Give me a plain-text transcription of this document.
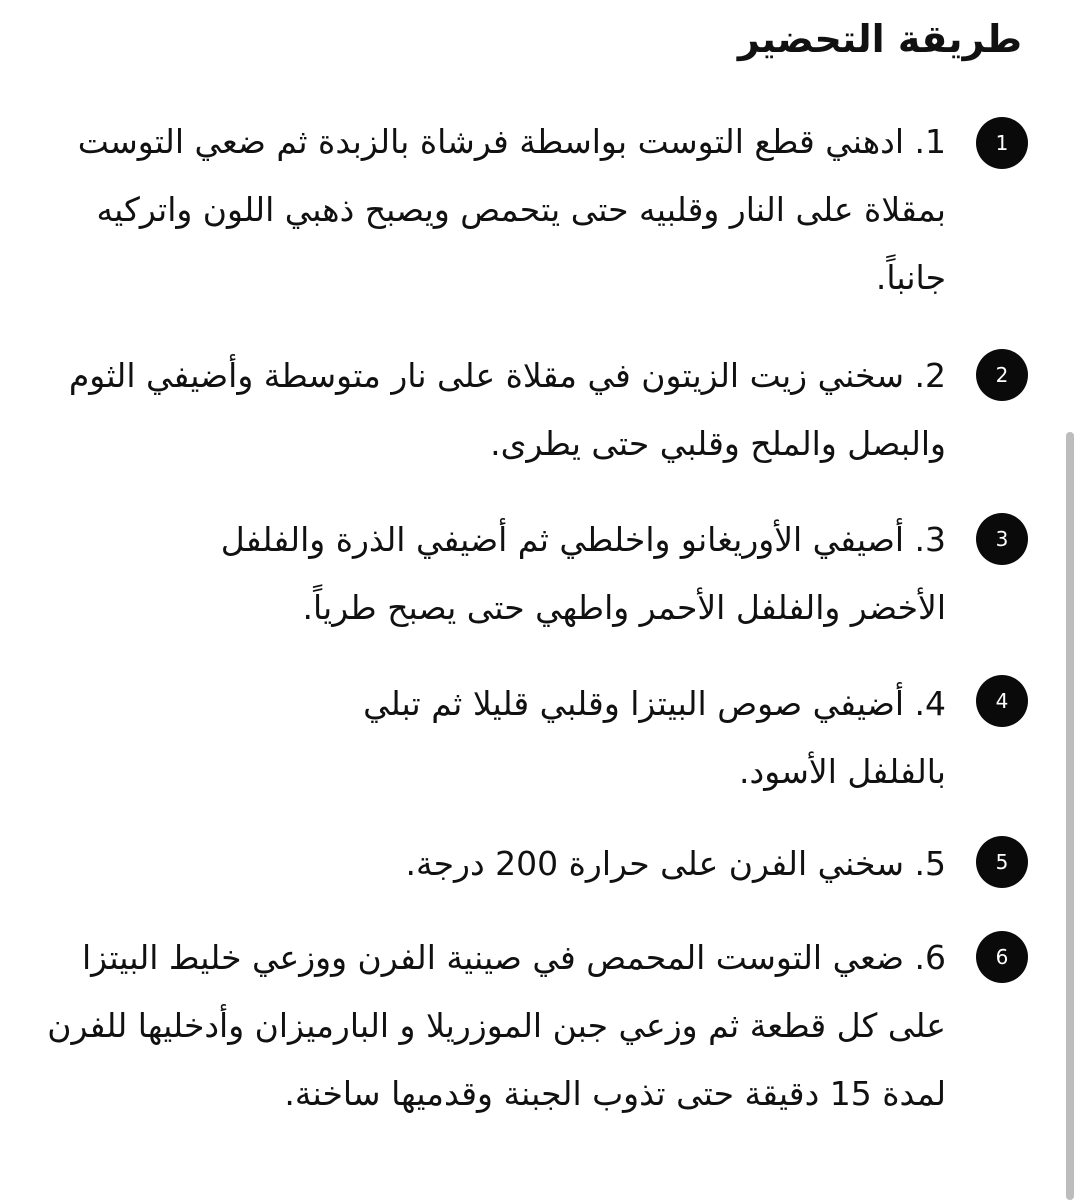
طريقة التحضير
1

1. ادهني قطع التوست بواسطة فرشاة بالزبدة ثم ضعي التوست بمقلاة على النار وقلبيه حتى يتحمص ويصبح ذهبي اللون واتركيه جانباً.

2

2. سخني زيت الزيتون في مقلاة على نار متوسطة وأضيفي الثوم والبصل والملح وقلبي حتى يطرى.

3

3. أصيفي الأوريغانو واخلطي ثم أضيفي الذرة والفلفل الأخضر والفلفل الأحمر واطهي حتى يصبح طرياً.

4

4. أضيفي صوص البيتزا وقلبي قليلا ثم تبلي بالفلفل الأسود.

5

5. سخني الفرن على حرارة 200 درجة.

6

6. ضعي التوست المحمص في صينية الفرن ووزعي خليط البيتزا على كل قطعة ثم وزعي جبن الموزريلا و البارميزان وأدخليها للفرن لمدة 15 دقيقة حتى تذوب الجبنة وقدميها ساخنة.
